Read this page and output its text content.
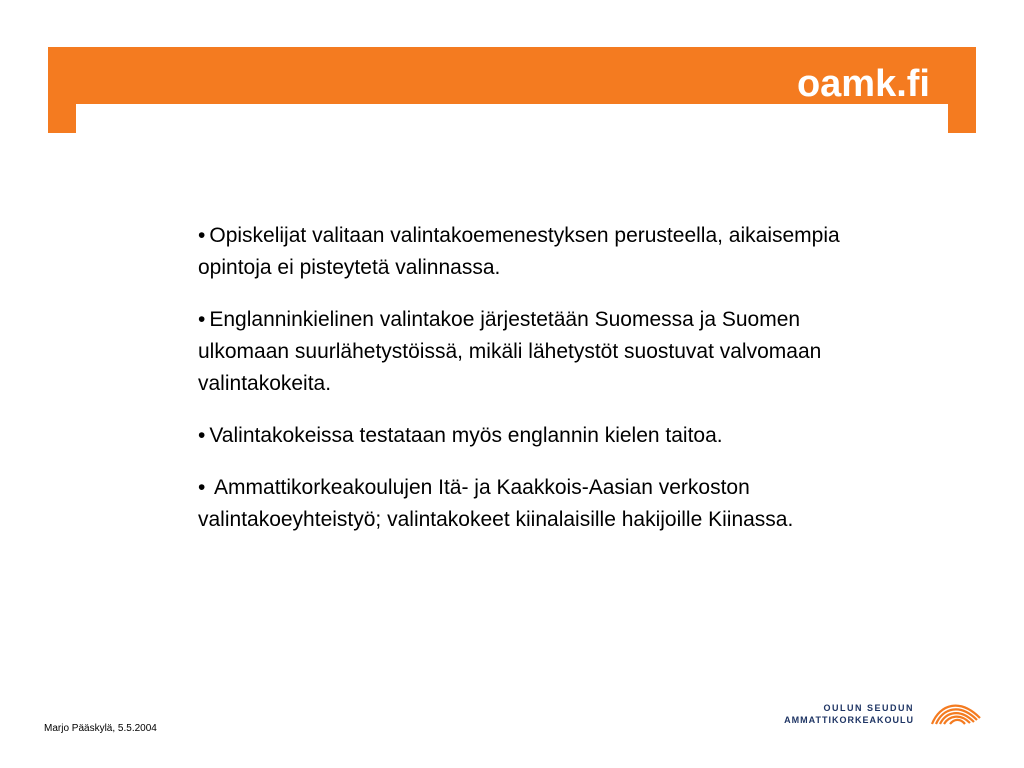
oamk.fi

• Opiskelijat valitaan valintakoemenestyksen perusteella, aikaisempia opintoja ei pisteytetä valinnassa.

• Englanninkielinen valintakoe järjestetään Suomessa ja Suomen ulkomaan suurlähetystöissä, mikäli lähetystöt suostuvat valvomaan valintakokeita.

• Valintakokeissa testataan myös englannin kielen taitoa.

• Ammattikorkeakoulujen Itä- ja Kaakkois-Aasian verkoston valintakoeyhteistyö; valintakokeet kiinalaisille hakijoille Kiinassa.

Marjo Pääskylä, 5.5.2004
OULUN SEUDUN
AMMATTIKORKEAKOULU
